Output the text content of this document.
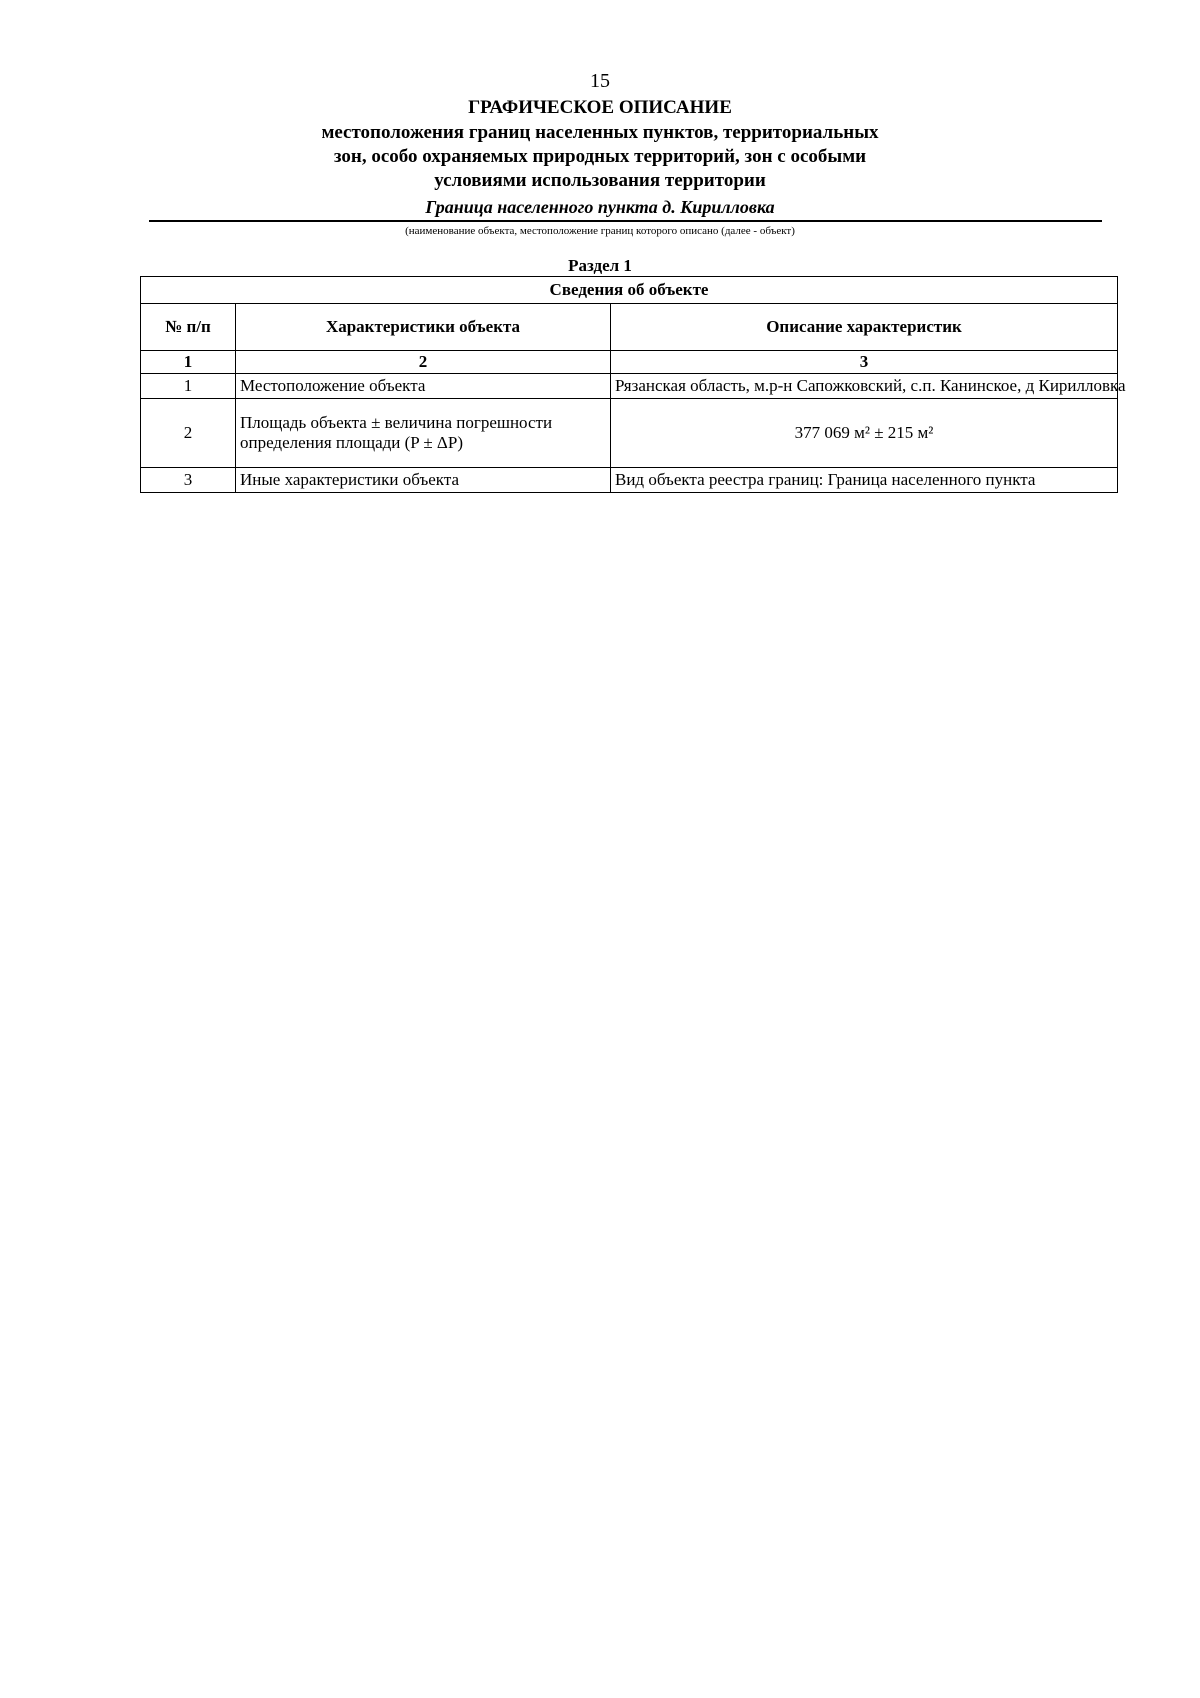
15
ГРАФИЧЕСКОЕ ОПИСАНИЕ
местоположения границ населенных пунктов, территориальных
зон, особо охраняемых природных территорий, зон с особыми
условиями использования территории
Граница населенного пункта д. Кирилловка
(наименование объекта, местоположение границ которого описано (далее - объект)
Раздел 1
Сведения об объекте		
№ п/п	Характеристики объекта	Описание характеристик
1	2	3
1	Местоположение объекта	Рязанская область, м.р-н Сапожковский, с.п. Канинское, д Кирилловка
2	Площадь объекта ± величина погрешности определения площади (P ± ΔP)	377 069 м² ± 215 м²
3	Иные характеристики объекта	Вид объекта реестра границ: Граница населенного пункта
